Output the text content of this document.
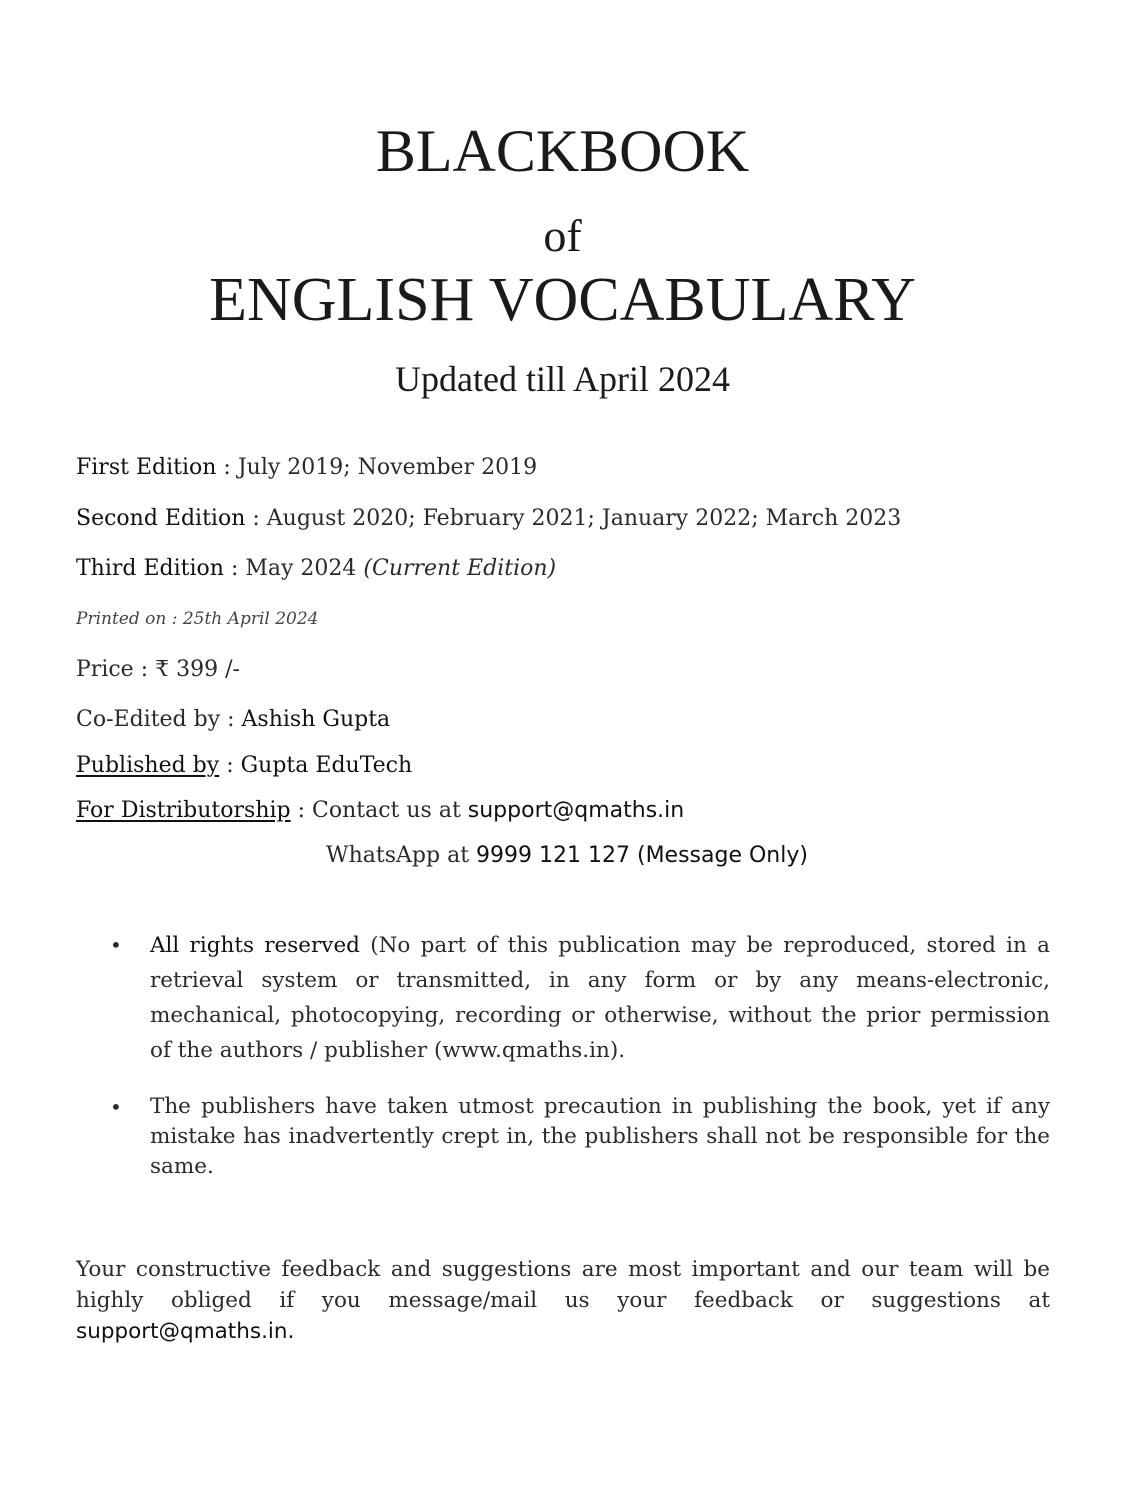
BLACKBOOK
of
ENGLISH VOCABULARY
Updated till April 2024
First Edition : July 2019; November 2019
Second Edition : August 2020; February 2021; January 2022; March 2023
Third Edition : May 2024 (Current Edition)
Printed on : 25th April 2024
Price : ₹ 399 /-
Co-Edited by : Ashish Gupta
Published by : Gupta EduTech
For Distributorship : Contact us at support@qmaths.in
WhatsApp at 9999 121 127 (Message Only)
• All rights reserved (No part of this publication may be reproduced, stored in a retrieval system or transmitted, in any form or by any means-electronic, mechanical, photocopying, recording or otherwise, without the prior permission of the authors / publisher (www.qmaths.in).
• The publishers have taken utmost precaution in publishing the book, yet if any mistake has inadvertently crept in, the publishers shall not be responsible for the same.
Your constructive feedback and suggestions are most important and our team will be
highly obliged if you message/mail us your feedback or suggestions at
support@qmaths.in.
